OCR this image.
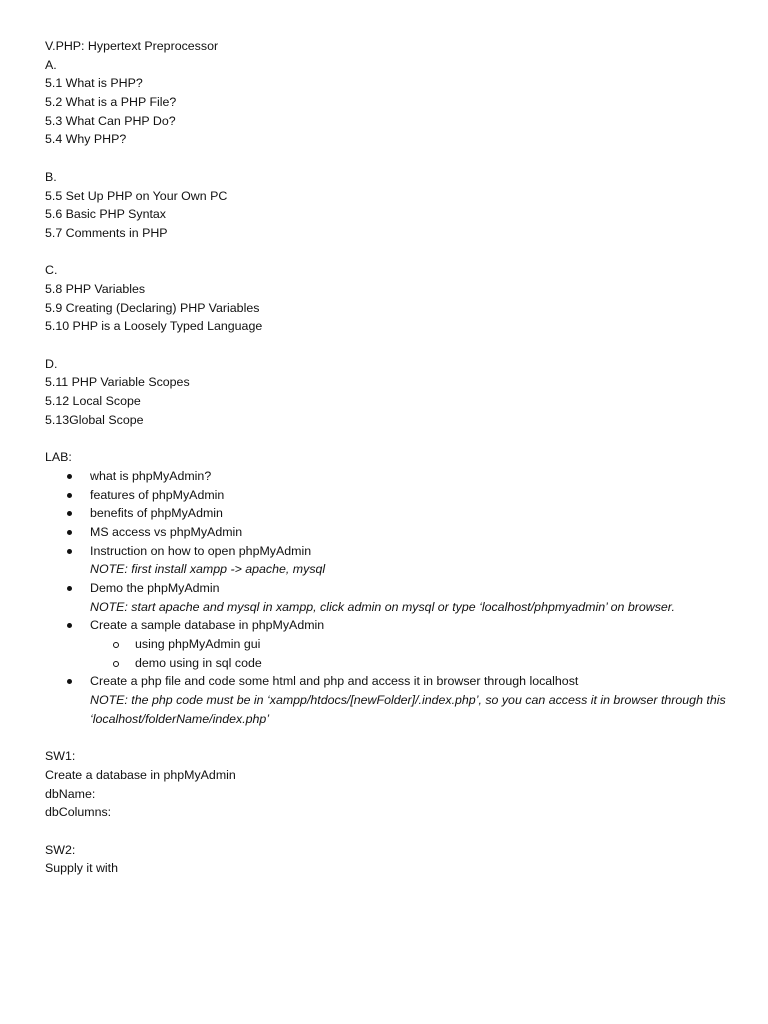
V.PHP: Hypertext Preprocessor
A.
5.1 What is PHP?
5.2 What is a PHP File?
5.3 What Can PHP Do?
5.4 Why PHP?
B.
5.5 Set Up PHP on Your Own PC
5.6 Basic PHP Syntax
5.7 Comments in PHP
C.
5.8 PHP Variables
5.9 Creating (Declaring) PHP Variables
5.10 PHP is a Loosely Typed Language
D.
5.11 PHP Variable Scopes
5.12 Local Scope
5.13Global Scope
LAB:
what is phpMyAdmin?
features of phpMyAdmin
benefits of phpMyAdmin
MS access vs phpMyAdmin
Instruction on how to open phpMyAdmin
NOTE: first install xampp -> apache, mysql
Demo the phpMyAdmin
NOTE: start apache and mysql in xampp, click admin on mysql or type ‘localhost/phpmyadmin’ on browser.
Create a sample database in phpMyAdmin
using phpMyAdmin gui
demo using in sql code
Create a php file and code some html and php and access it in browser through localhost
NOTE: the php code must be in ‘xampp/htdocs/[newFolder]/.index.php’, so you can access it in browser through this ‘localhost/folderName/index.php’
SW1:
Create a database in phpMyAdmin
dbName:
dbColumns:
SW2:
Supply it with
